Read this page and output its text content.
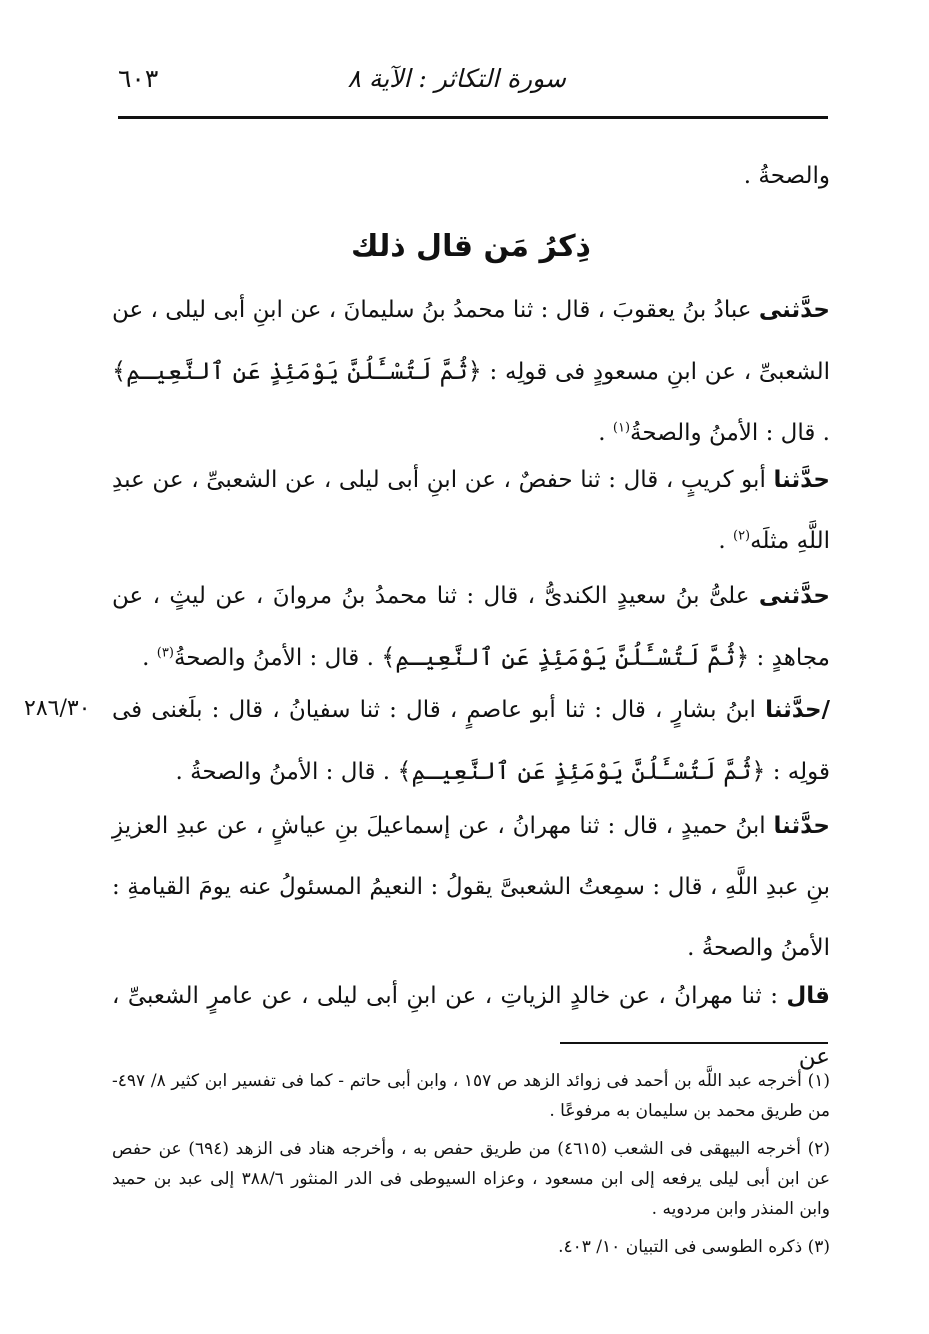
سورة التكاثر : الآية ٨
٦٠٣
والصحةُ .
ذِكرُ مَن قال ذلك
حدَّثنى عبادُ بنُ يعقوبَ ، قال : ثنا محمدُ بنُ سليمانَ ، عن ابنِ أبى ليلى ، عن الشعبىِّ ، عن ابنِ مسعودٍ فى قولِه : ﴿ثُمَّ لَتُسْـَٔلُنَّ يَوْمَئِذٍ عَنِ ٱلنَّعِيـمِ﴾ . قال : الأمنُ والصحةُ$^{(١)}$ .
حدَّثنا أبو كريبٍ ، قال : ثنا حفصٌ ، عن ابنِ أبى ليلى ، عن الشعبىِّ ، عن عبدِ اللَّهِ مثلَه$^{(٢)}$ .
حدَّثنى علىُّ بنُ سعيدٍ الكندىُّ ، قال : ثنا محمدُ بنُ مروانَ ، عن ليثٍ ، عن مجاهدٍ : ﴿ثُمَّ لَتُسْـَٔلُنَّ يَوْمَئِذٍ عَنِ ٱلنَّعِيـمِ﴾ . قال : الأمنُ والصحةُ$^{(٣)}$ .
٢٨٦/٣٠	/حدَّثنا ابنُ بشارٍ ، قال : ثنا أبو عاصمٍ ، قال : ثنا سفيانُ ، قال : بلَغنى فى قولِه : ﴿ثُمَّ لَتُسْـَٔلُنَّ يَوْمَئِذٍ عَنِ ٱلنَّعِيـمِ﴾ . قال : الأمنُ والصحةُ .
حدَّثنا ابنُ حميدٍ ، قال : ثنا مهرانُ ، عن إسماعيلَ بنِ عياشٍ ، عن عبدِ العزيزِ بنِ عبدِ اللَّهِ ، قال : سمِعتُ الشعبىَّ يقولُ : النعيمُ المسئولُ عنه يومَ القيامةِ : الأمنُ والصحةُ .
قال : ثنا مهرانُ ، عن خالدٍ الزياتِ ، عن ابنِ أبى ليلى ، عن عامرٍ الشعبىِّ ، عن

(١) أخرجه عبد اللَّه بن أحمد فى زوائد الزهد ص ١٥٧ ، وابن أبى حاتم - كما فى تفسير ابن كثير ٨/ ٤٩٧- من طريق محمد بن سليمان به مرفوعًا .

(٢) أخرجه البيهقى فى الشعب (٤٦١٥) من طريق حفص به ، وأخرجه هناد فى الزهد (٦٩٤) عن حفص عن ابن أبى ليلى يرفعه إلى ابن مسعود ، وعزاه السيوطى فى الدر المنثور ٣٨٨/٦ إلى عبد بن حميد وابن المنذر وابن مردويه .

(٣) ذكره الطوسى فى التبيان ١٠/ ٤٠٣.
